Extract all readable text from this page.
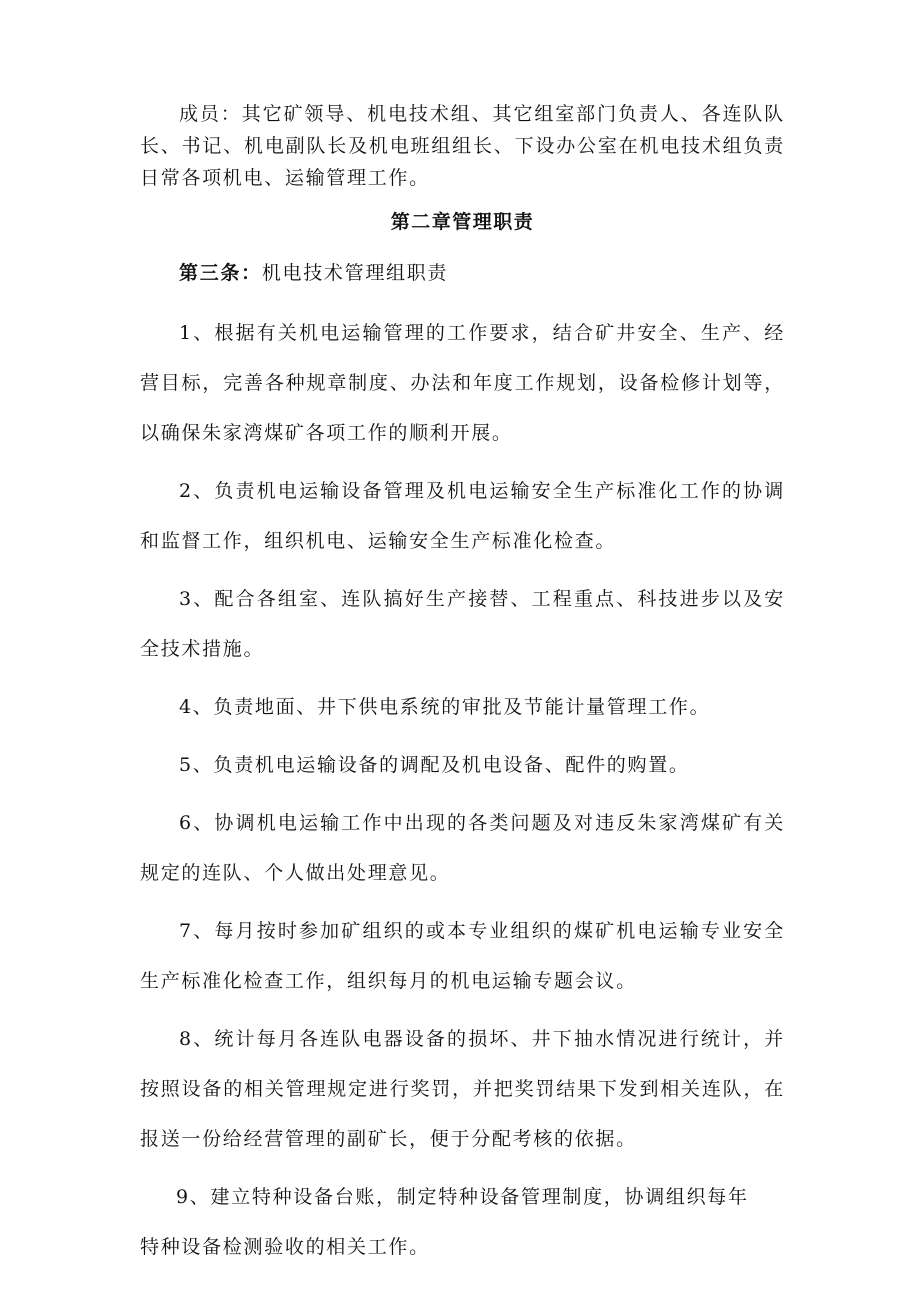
成员：其它矿领导、机电技术组、其它组室部门负责人、各连队队长、书记、机电副队长及机电班组组长、下设办公室在机电技术组负责日常各项机电、运输管理工作。

第二章管理职责

第三条：机电技术管理组职责

1、根据有关机电运输管理的工作要求，结合矿井安全、生产、经营目标，完善各种规章制度、办法和年度工作规划，设备检修计划等，以确保朱家湾煤矿各项工作的顺利开展。

2、负责机电运输设备管理及机电运输安全生产标准化工作的协调和监督工作，组织机电、运输安全生产标准化检查。

3、配合各组室、连队搞好生产接替、工程重点、科技进步以及安全技术措施。

4、负责地面、井下供电系统的审批及节能计量管理工作。

5、负责机电运输设备的调配及机电设备、配件的购置。

6、协调机电运输工作中出现的各类问题及对违反朱家湾煤矿有关规定的连队、个人做出处理意见。

7、每月按时参加矿组织的或本专业组织的煤矿机电运输专业安全生产标准化检查工作，组织每月的机电运输专题会议。

8、统计每月各连队电器设备的损坏、井下抽水情况进行统计，并按照设备的相关管理规定进行奖罚，并把奖罚结果下发到相关连队，在报送一份给经营管理的副矿长，便于分配考核的依据。

9、建立特种设备台账，制定特种设备管理制度，协调组织每年

特种设备检测验收的相关工作。
